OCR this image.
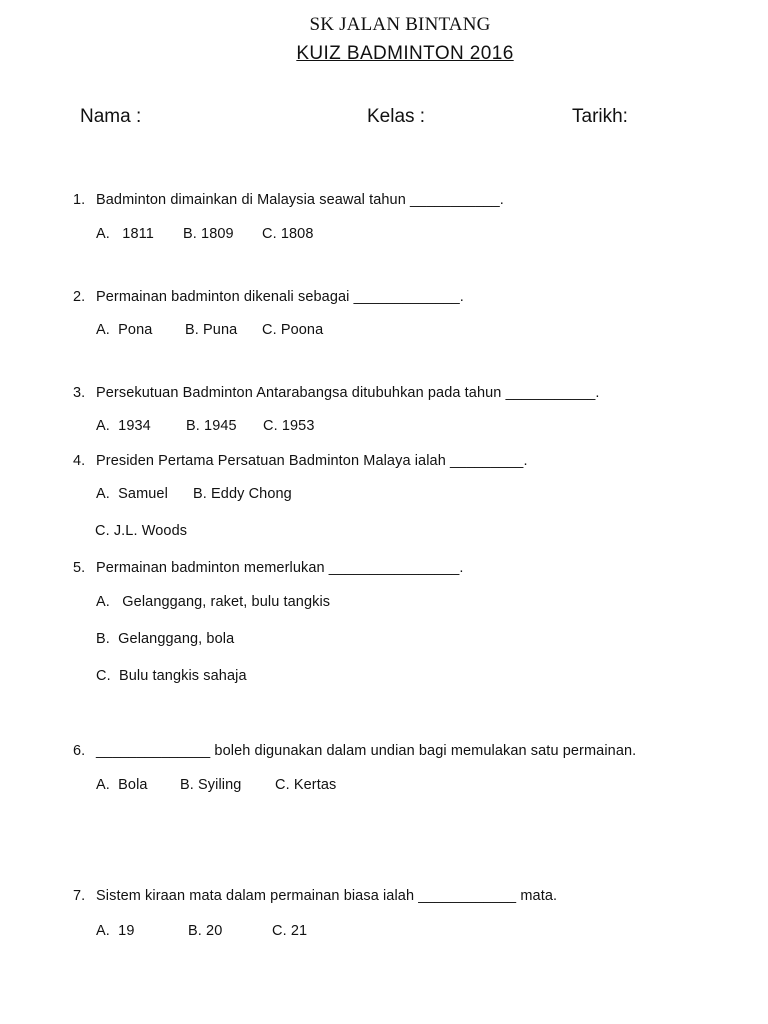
SK JALAN BINTANG
KUIZ BADMINTON 2016
Nama :	Kelas :	Tarikh:
1. Badminton dimainkan di Malaysia seawal tahun ___________.
A.   1811 B. 1809 C. 1808
2. Permainan badminton dikenali sebagai _____________.
A.  Pona B. Puna C. Poona
3. Persekutuan Badminton Antarabangsa ditubuhkan pada tahun ___________.
A.  1934 B. 1945 C. 1953
4. Presiden Pertama Persatuan Badminton Malaya ialah _________.
A.  Samuel B. Eddy Chong
C. J.L. Woods
5. Permainan badminton memerlukan ________________.
A.   Gelanggang, raket, bulu tangkis
B.  Gelanggang, bola
C.  Bulu tangkis sahaja
6. ______________ boleh digunakan dalam undian bagi memulakan satu permainan.
A.  Bola B. Syiling C. Kertas
7. Sistem kiraan mata dalam permainan biasa ialah ____________ mata.
A.  19	B. 20	C. 21
